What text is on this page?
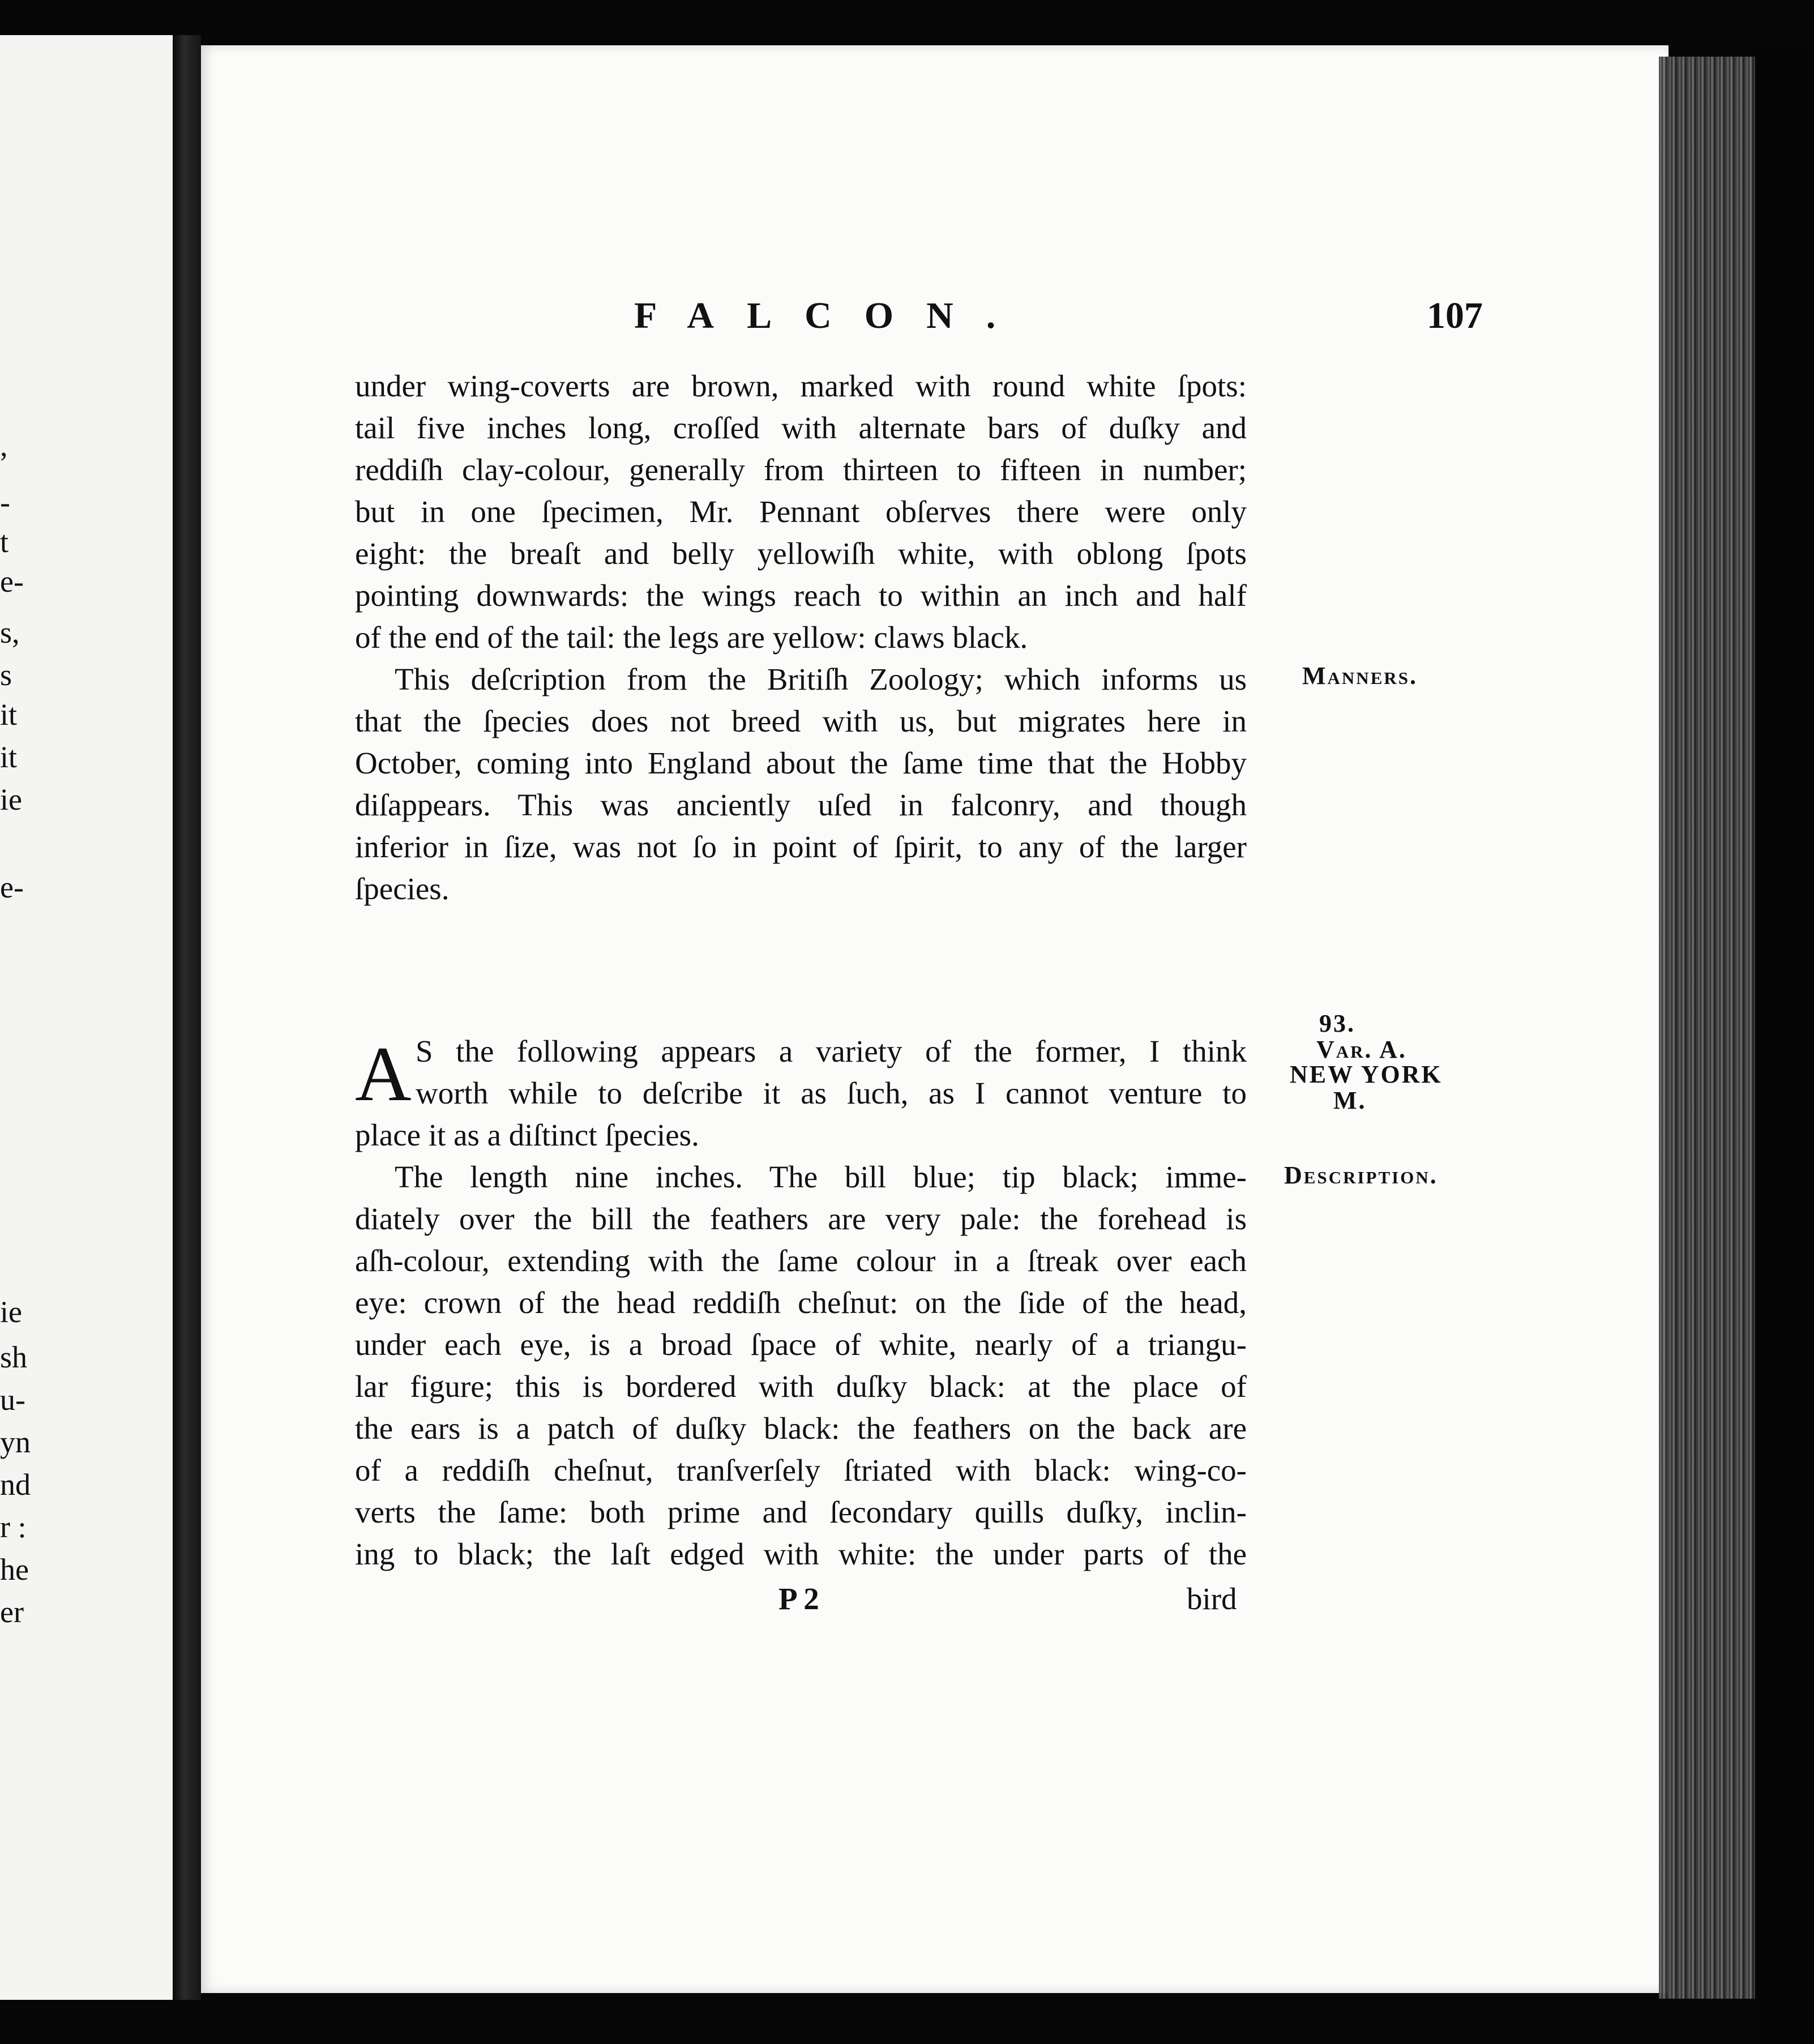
,
-
t
e-
s,
s
it
it
ie
e-
ie
sh
u-
yn
nd
r :
he
er
FALCON.	107
under wing-coverts are brown, marked with round white ſpots:
tail five inches long, croſſed with alternate bars of duſky and
reddiſh clay-colour, generally from thirteen to fifteen in number;
but in one ſpecimen, Mr. Pennant obſerves there were only
eight: the breaſt and belly yellowiſh white, with oblong ſpots
pointing downwards: the wings reach to within an inch and half
of the end of the tail: the legs are yellow: claws black.
This deſcription from the Britiſh Zoology; which informs us
that the ſpecies does not breed with us, but migrates here in
October, coming into England about the ſame time that the Hobby
diſappears. This was anciently uſed in falconry, and though
inferior in ſize, was not ſo in point of ſpirit, to any of the larger
ſpecies.
Manners.
A S the following appears a variety of the former, I think
worth while to deſcribe it as ſuch, as I cannot venture to
place it as a diſtinct ſpecies.
93.
Var. A.
NEW YORK
M.
The length nine inches. The bill blue; tip black; imme-
diately over the bill the feathers are very pale: the forehead is
aſh-colour, extending with the ſame colour in a ſtreak over each
eye: crown of the head reddiſh cheſnut: on the ſide of the head,
under each eye, is a broad ſpace of white, nearly of a triangu-
lar figure; this is bordered with duſky black: at the place of
the ears is a patch of duſky black: the feathers on the back are
of a reddiſh cheſnut, tranſverſely ſtriated with black: wing-co-
verts the ſame: both prime and ſecondary quills duſky, inclin-
ing to black; the laſt edged with white: the under parts of the
Description.
P 2	bird
